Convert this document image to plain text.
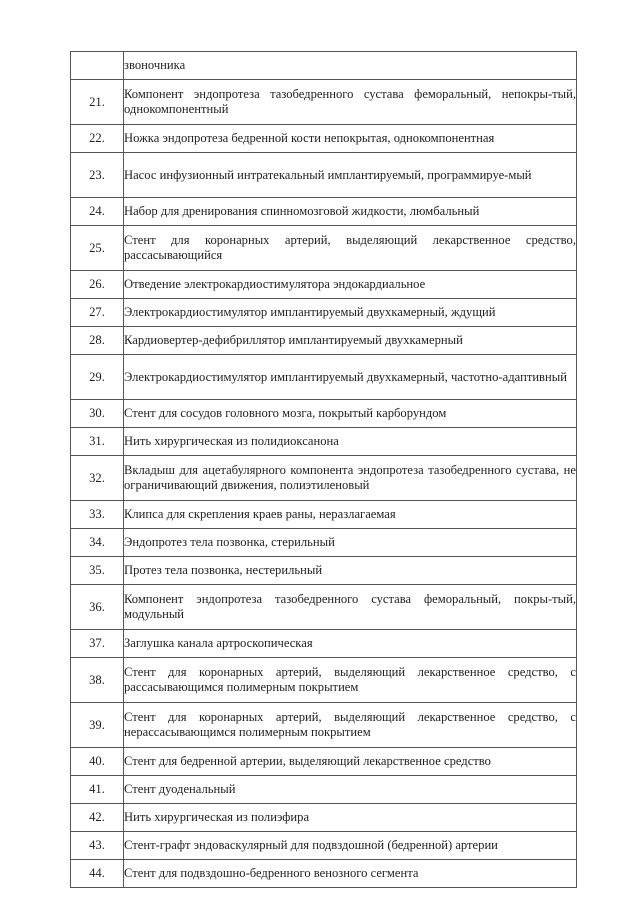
	звоночника
21.	Компонент эндопротеза тазобедренного сустава феморальный, непокры-тый, однокомпонентный
22.	Ножка эндопротеза бедренной кости непокрытая, однокомпонентная
23.	Насос инфузионный интратекальный имплантируемый, программируе-мый
24.	Набор для дренирования спинномозговой жидкости, люмбальный
25.	Стент для коронарных артерий, выделяющий лекарственное средство, рассасывающийся
26.	Отведение электрокардиостимулятора эндокардиальное
27.	Электрокардиостимулятор имплантируемый двухкамерный, ждущий
28.	Кардиовертер-дефибриллятор имплантируемый двухкамерный
29.	Электрокардиостимулятор имплантируемый двухкамерный, частотно-адаптивный
30.	Стент для сосудов головного мозга, покрытый карборундом
31.	Нить хирургическая из полидиоксанона
32.	Вкладыш для ацетабулярного компонента эндопротеза тазобедренного сустава, не ограничивающий движения, полиэтиленовый
33.	Клипса для скрепления краев раны, неразлагаемая
34.	Эндопротез тела позвонка, стерильный
35.	Протез тела позвонка, нестерильный
36.	Компонент эндопротеза тазобедренного сустава феморальный, покры-тый, модульный
37.	Заглушка канала артроскопическая
38.	Стент для коронарных артерий, выделяющий лекарственное средство, с рассасывающимся полимерным покрытием
39.	Стент для коронарных артерий, выделяющий лекарственное средство, с нерассасывающимся полимерным покрытием
40.	Стент для бедренной артерии, выделяющий лекарственное средство
41.	Стент дуоденальный
42.	Нить хирургическая из полиэфира
43.	Стент-графт эндоваскулярный для подвздошной (бедренной) артерии
44.	Стент для подвздошно-бедренного венозного сегмента
